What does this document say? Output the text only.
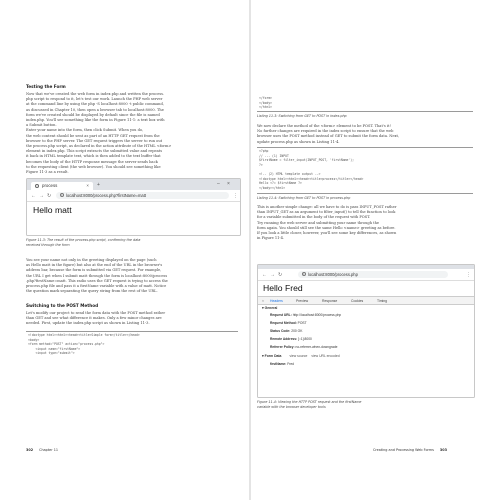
Testing the Form
Now that we've created the web form in index.php and written the process.
php script to respond to it, let's test our work. Launch the PHP web server
at the command line by using the php -S localhost:8000 -t public command,
as discussed in Chapter 10, then open a browser tab to localhost:8000. The
form we've created should be displayed by default since the file is named
index.php. You'll see something like the form in Figure 11-1: a text box with
a Submit button.
Enter your name into the form, then click Submit. When you do,
the web content should be sent as part of an HTTP GET request from the
browser to the PHP server. The GET request triggers the server to run out
the process.php script, as declared in the action attribute of the HTML <form>
element in index.php. This script extracts the submitted value and repeats
it back in HTML template text, which is then added to the text buffer that
becomes the body of the HTTP response message the server sends back
to the requesting client (the web browser). You should see something like
Figure 11-3 as a result.
process	× +	– ×
← → ↻	i	localhost:8000/process.php?firstName=matt	⋮
Hello matt
Figure 11-3: The result of the process.php script, confirming the data
received through the form
You see your name not only in the greeting displayed on the page (such
as Hello matt in the figure) but also at the end of the URL in the browser's
address bar, because the form is submitted via GET request. For example,
the URL I get when I submit matt through the form is localhost:8000/process
.php?firstName=matt. This radio uses the GET request is trying to access the
process.php file and pass it a firstName variable with a value of matt. Notice
the question mark separating the query string from the rest of the URL.
Switching to the POST Method
Let's modify our project to send the form data with the POST method rather
than GET and see what difference it makes. Only a few minor changes are
needed. First, update the index.php script as shown in Listing 11-3.
<!doctype html><html><head><title>Simple form</title></head>
<body>
<form method="POST" action="process.php">
<input name="firstName">
<input type="submit">
302 Chapter 11
</form>
</body>
</html>
Listing 11-3: Switching from GET to POST in index.php
We now declare the method of the <form> element to be POST. That's it!
No further changes are required in the index script to ensure that the web
browser uses the POST method instead of GET to submit the form data. Next,
update process.php as shown in Listing 11-4.
<?php
// --- (1) INPUT
$firstName = filter_input(INPUT_POST, 'firstName');
?>

<!-- (2) HTML template output -->
<!doctype html><html><head><title>process</title></head>
Hello <?= $firstName ?>
</body></html>
Listing 11-4: Switching from GET to POST in process.php
This is another simple change: all we have to do is pass INPUT_POST rather
than INPUT_GET as an argument to filter_input() to tell the function to look
for a variable submitted in the body of the request with POST.
Try running the web server and submitting your name through the
form again. You should still see the same Hello <name> greeting as before.
If you look a little closer, however, you'll see some key differences, as shown
in Figure 11-4.
← → ↻	i	localhost:8000/process.php	⋮
Hello Fred
× Headers	Preview	Response	Cookies	Timing
▾ General
Request URL: http://localhost:8000/process.php
Request Method: POST
Status Code: 200 OK
Remote Address: [::1]:8000
Referrer Policy: no-referrer-when-downgrade
▾ Form Data view source view URL encoded
firstName: Fred
Figure 11-4: Viewing the HTTP POST request and the firstName
variable with the browser developer tools
Creating and Processing Web Forms 303
